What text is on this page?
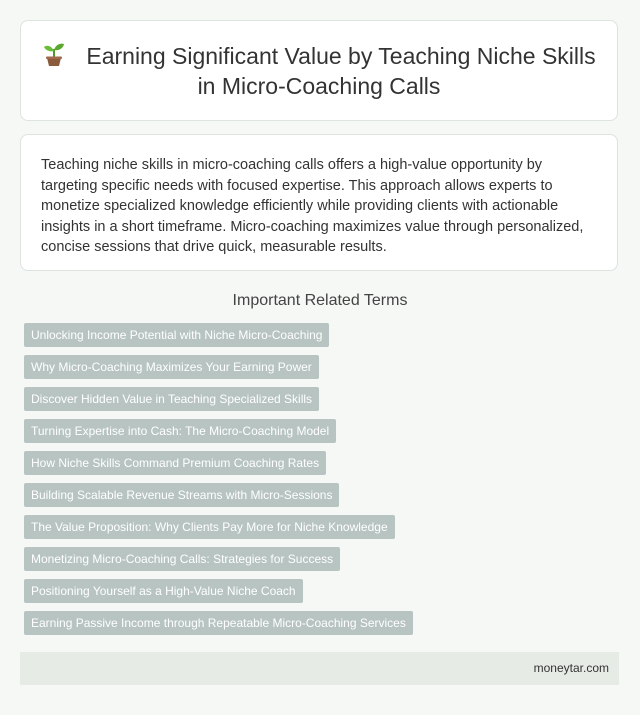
Earning Significant Value by Teaching Niche Skills in Micro-Coaching Calls

Teaching niche skills in micro-coaching calls offers a high-value opportunity by targeting specific needs with focused expertise. This approach allows experts to monetize specialized knowledge efficiently while providing clients with actionable insights in a short timeframe. Micro-coaching maximizes value through personalized, concise sessions that drive quick, measurable results.

Important Related Terms
Unlocking Income Potential with Niche Micro-Coaching
Why Micro-Coaching Maximizes Your Earning Power
Discover Hidden Value in Teaching Specialized Skills
Turning Expertise into Cash: The Micro-Coaching Model
How Niche Skills Command Premium Coaching Rates
Building Scalable Revenue Streams with Micro-Sessions
The Value Proposition: Why Clients Pay More for Niche Knowledge
Monetizing Micro-Coaching Calls: Strategies for Success
Positioning Yourself as a High-Value Niche Coach
Earning Passive Income through Repeatable Micro-Coaching Services
moneytar.com
